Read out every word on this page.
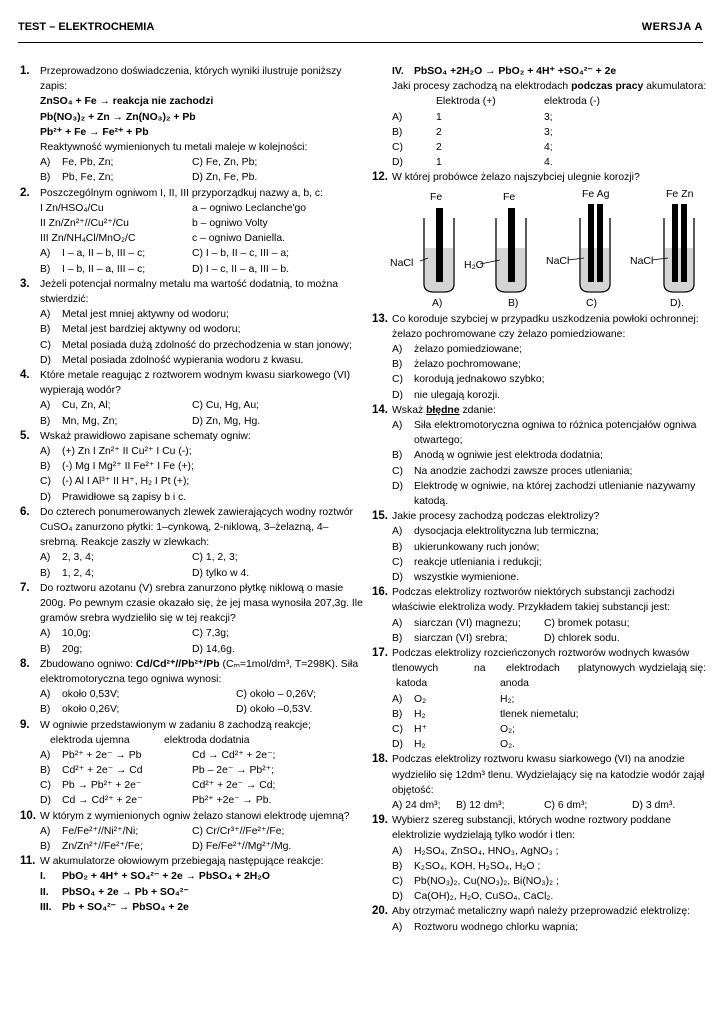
TEST – ELEKTROCHEMIA	WERSJA A
1. Przeprowadzono doświadczenia, których wyniki ilustruje poniższy
zapis:
ZnSO₄ + Fe → reakcja nie zachodzi
Pb(NO₃)₂ + Zn → Zn(NO₃)₂ + Pb
Pb²⁺ + Fe → Fe²⁺ + Pb
Reaktywność wymienionych tu metali maleje w kolejności:
A) Fe, Pb, Zn;	C) Fe, Zn, Pb;
B) Pb, Fe, Zn;	D) Zn, Fe, Pb.
2. Poszczególnym ogniwom I, II, III przyporządkuj nazwy a, b, c:
I Zn/HSO₄/Cu	a – ogniwo Leclanche'go
II Zn/Zn²⁺//Cu²⁺/Cu	b – ogniwo Volty
III Zn/NH₄Cl/MnO₂/C	c – ogniwo Daniella.
A) I – a, II – b, III – c;	C) I – b, II – c, III – a;
B) I – b, II – a, III – c;	D) I – c, II – a, III – b.
3. Jeżeli potencjał normalny metalu ma wartość dodatnią, to można
stwierdzić:
A) Metal jest mniej aktywny od wodoru;
B) Metal jest bardziej aktywny od wodoru;
C) Metal posiada dużą zdolność do przechodzenia w stan jonowy;
D) Metal posiada zdolność wypierania wodoru z kwasu.
4. Które metale reagując z roztworem wodnym kwasu siarkowego (VI)
wypierają wodór?
A) Cu, Zn, Al;	C) Cu, Hg, Au;
B) Mn, Mg, Zn;	D) Zn, Mg, Hg.
5. Wskaż prawidłowo zapisane schematy ogniw:
A) (+) Zn I Zn²⁺ II Cu²⁺ I Cu (-);
B) (-) Mg I Mg²⁺ II Fe²⁺ I Fe (+);
C) (-) Al I Al³⁺ II H⁺, H₂ I Pt (+);
D) Prawidłowe są zapisy b i c.
6. Do czterech ponumerowanych zlewek zawierających wodny roztwór
CuSO₄ zanurzono płytki: 1–cynkową, 2-niklową, 3–żelazną, 4–
srebrną. Reakcje zaszły w zlewkach:
A) 2, 3, 4;	C) 1, 2, 3;
B) 1, 2, 4;	D) tylko w 4.
7. Do roztworu azotanu (V) srebra zanurzono płytkę niklową o masie
200g. Po pewnym czasie okazało się, że jej masa wynosiła 207,3g. Ile
gramów srebra wydzieliło się w tej reakcji?
A) 10,0g;	C) 7,3g;
B) 20g;	D) 14,6g.
8. Zbudowano ogniwo: Cd/Cd²⁺//Pb²⁺/Pb (Cₘ=1mol/dm³, T=298K). Siła
elektromotoryczna tego ogniwa wynosi:
A) około 0,53V;	C) około – 0,26V;
B) około 0,26V;	D) około –0,53V.
9. W ogniwie przedstawionym w zadaniu 8 zachodzą reakcje;
elektroda ujemna	elektroda dodatnia
A) Pb²⁺ + 2e⁻ → Pb	Cd → Cd²⁺ + 2e⁻;
B) Cd²⁺ + 2e⁻ → Cd	Pb – 2e⁻ → Pb²⁺;
C) Pb → Pb²⁺ + 2e⁻	Cd²⁺ + 2e⁻ → Cd;
D) Cd → Cd²⁺ + 2e⁻	Pb²⁺ +2e⁻ → Pb.
10. W którym z wymienionych ogniw żelazo stanowi elektrodę ujemną?
A) Fe/Fe²⁺//Ni²⁺/Ni;	C) Cr/Cr³⁺//Fe²⁺/Fe;
B) Zn/Zn²⁺//Fe²⁺/Fe;	D) Fe/Fe²⁺//Mg²⁺/Mg.
11. W akumulatorze ołowiowym przebiegają następujące reakcje:
I. PbO₂ + 4H⁺ + SO₄²⁻ + 2e → PbSO₄ + 2H₂O
II. PbSO₄ + 2e → Pb + SO₄²⁻
III. Pb + SO₄²⁻ → PbSO₄ + 2e
IV. PbSO₄ +2H₂O → PbO₂ + 4H⁺ +SO₄²⁻ + 2e
Jaki procesy zachodzą na elektrodach podczas pracy akumulatora:
Elektroda (+)	elektroda (-)
A)	1	3;
B)	2	3;
C)	2	4;
D)	1	4.
12. W której probówce żelazo najszybciej ulegnie korozji?
Fe	Fe	Fe Ag	Fe Zn
NaCl	H₂O	NaCl	NaCl
A)	B)	C)	D).
13. Co koroduje szybciej w przypadku uszkodzenia powłoki ochronnej:
żelazo pochromowane czy żelazo pomiedziowane:
A) żelazo pomiedziowane;
B) żelazo pochromowane;
C) korodują jednakowo szybko;
D) nie ulegają korozji.
14. Wskaż błędne zdanie:
A) Siła elektromotoryczna ogniwa to różnica potencjałów ogniwa
otwartego;
B) Anodą w ogniwie jest elektroda dodatnia;
C) Na anodzie zachodzi zawsze proces utleniania;
D) Elektrodę w ogniwie, na której zachodzi utlenianie nazywamy
katodą.
15. Jakie procesy zachodzą podczas elektrolizy?
A) dysocjacja elektrolityczna lub termiczna;
B) ukierunkowany ruch jonów;
C) reakcje utleniania i redukcji;
D) wszystkie wymienione.
16. Podczas elektrolizy roztworów niektórych substancji zachodzi
właściwie elektroliza wody. Przykładem takiej substancji jest:
A) siarczan (VI) magnezu; C) bromek potasu;
B) siarczan (VI) srebra;	D) chlorek sodu.
17. Podczas elektrolizy rozcieńczonych roztworów wodnych kwasów
tlenowych	na elektrodach platynowych wydzielają się:
katoda	anoda
A) O₂	H₂;
B) H₂	tlenek niemetalu;
C) H⁺	O₂;
D) H₂	O₂.
18. Podczas elektrolizy roztworu kwasu siarkowego (VI) na anodzie
wydzieliło się 12dm³ tlenu. Wydzielający się na katodzie wodór zajął
objętość:
A) 24 dm³; B) 12 dm³;	C) 6 dm³;	D) 3 dm³.
19. Wybierz szereg substancji, których wodne roztwory poddane
elektrolizie wydzielają tylko wodór i tlen:
A) H₂SO₄, ZnSO₄, HNO₃, AgNO₃ ;
B) K₂SO₄, KOH, H₂SO₄, H₂O ;
C) Pb(NO₃)₂, Cu(NO₃)₂, Bi(NO₃)₂ ;
D) Ca(OH)₂, H₂O, CuSO₄, CaCl₂.
20. Aby otrzymać metaliczny wapń należy przeprowadzić elektrolizę:
A) Roztworu wodnego chlorku wapnia;
